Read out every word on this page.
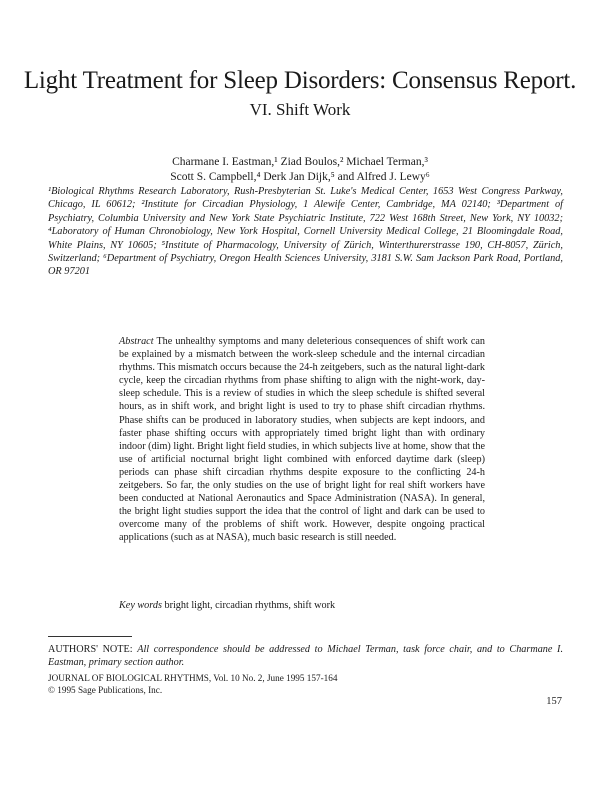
Light Treatment for Sleep Disorders: Consensus Report.
VI. Shift Work
Charmane I. Eastman,¹ Ziad Boulos,² Michael Terman,³
Scott S. Campbell,⁴ Derk Jan Dijk,⁵ and Alfred J. Lewy⁶
¹Biological Rhythms Research Laboratory, Rush-Presbyterian St. Luke's Medical Center, 1653 West Congress Parkway, Chicago, IL 60612; ²Institute for Circadian Physiology, 1 Alewife Center, Cambridge, MA 02140; ³Department of Psychiatry, Columbia University and New York State Psychiatric Institute, 722 West 168th Street, New York, NY 10032; ⁴Laboratory of Human Chronobiology, New York Hospital, Cornell University Medical College, 21 Bloomingdale Road, White Plains, NY 10605; ⁵Institute of Pharmacology, University of Zürich, Winterthurerstrasse 190, CH-8057, Zürich, Switzerland; ⁶Department of Psychiatry, Oregon Health Sciences University, 3181 S.W. Sam Jackson Park Road, Portland, OR 97201
Abstract The unhealthy symptoms and many deleterious consequences of shift work can be explained by a mismatch between the work-sleep schedule and the internal circadian rhythms. This mismatch occurs because the 24-h zeitgebers, such as the natural light-dark cycle, keep the circadian rhythms from phase shifting to align with the night-work, day-sleep schedule. This is a review of studies in which the sleep schedule is shifted several hours, as in shift work, and bright light is used to try to phase shift circadian rhythms. Phase shifts can be produced in laboratory studies, when subjects are kept indoors, and faster phase shifting occurs with appropriately timed bright light than with ordinary indoor (dim) light. Bright light field studies, in which subjects live at home, show that the use of artificial nocturnal bright light combined with enforced daytime dark (sleep) periods can phase shift circadian rhythms despite exposure to the conflicting 24-h zeitgebers. So far, the only studies on the use of bright light for real shift workers have been conducted at National Aeronautics and Space Administration (NASA). In general, the bright light studies support the idea that the control of light and dark can be used to overcome many of the problems of shift work. However, despite ongoing practical applications (such as at NASA), much basic research is still needed.
Key words bright light, circadian rhythms, shift work
AUTHORS' NOTE: All correspondence should be addressed to Michael Terman, task force chair, and to Charmane I. Eastman, primary section author.
JOURNAL OF BIOLOGICAL RHYTHMS, Vol. 10 No. 2, June 1995 157-164
© 1995 Sage Publications, Inc.
157
